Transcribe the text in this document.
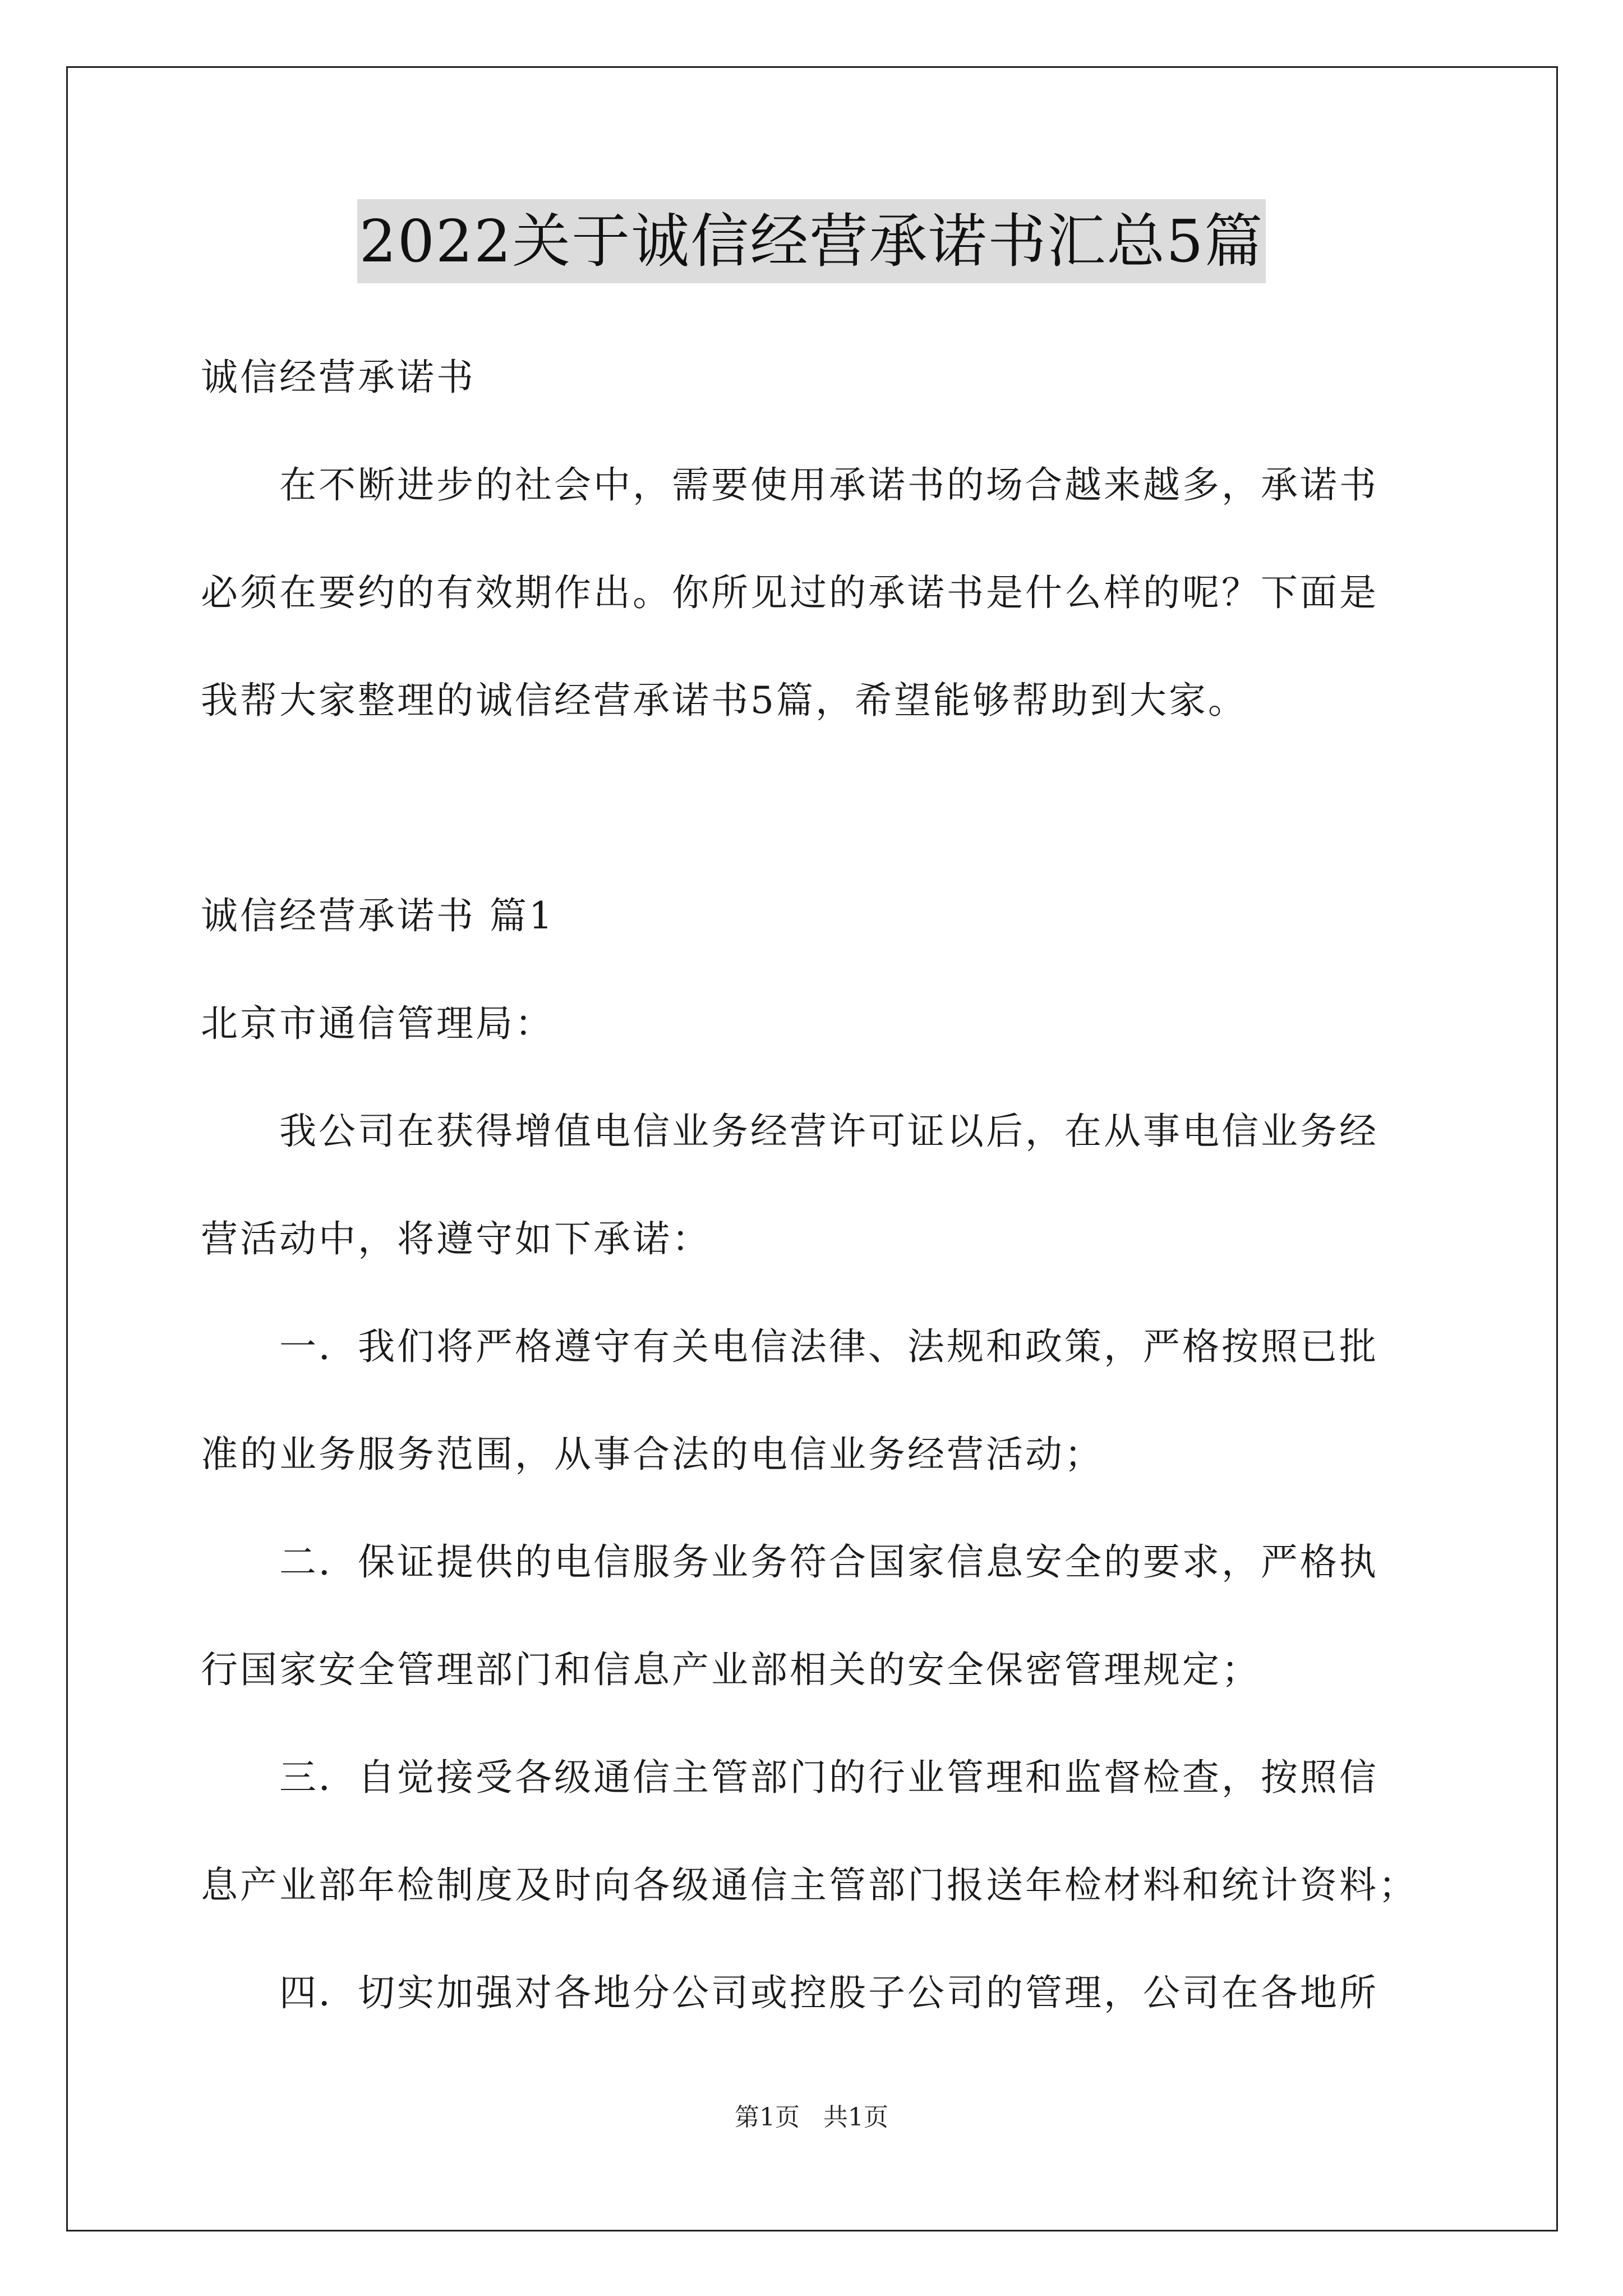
2022关于诚信经营承诺书汇总5篇
诚信经营承诺书
　　在不断进步的社会中，需要使用承诺书的场合越来越多，承诺书
必须在要约的有效期作出。你所见过的承诺书是什么样的呢？下面是
我帮大家整理的诚信经营承诺书5篇，希望能够帮助到大家。
诚信经营承诺书 篇1
北京市通信管理局：
　　我公司在获得增值电信业务经营许可证以后，在从事电信业务经
营活动中，将遵守如下承诺：
　　一．我们将严格遵守有关电信法律、法规和政策，严格按照已批
准的业务服务范围，从事合法的电信业务经营活动；
　　二．保证提供的电信服务业务符合国家信息安全的要求，严格执
行国家安全管理部门和信息产业部相关的安全保密管理规定；
　　三．自觉接受各级通信主管部门的行业管理和监督检查，按照信
息产业部年检制度及时向各级通信主管部门报送年检材料和统计资料；
　　四．切实加强对各地分公司或控股子公司的管理，公司在各地所
第1页   共1页
